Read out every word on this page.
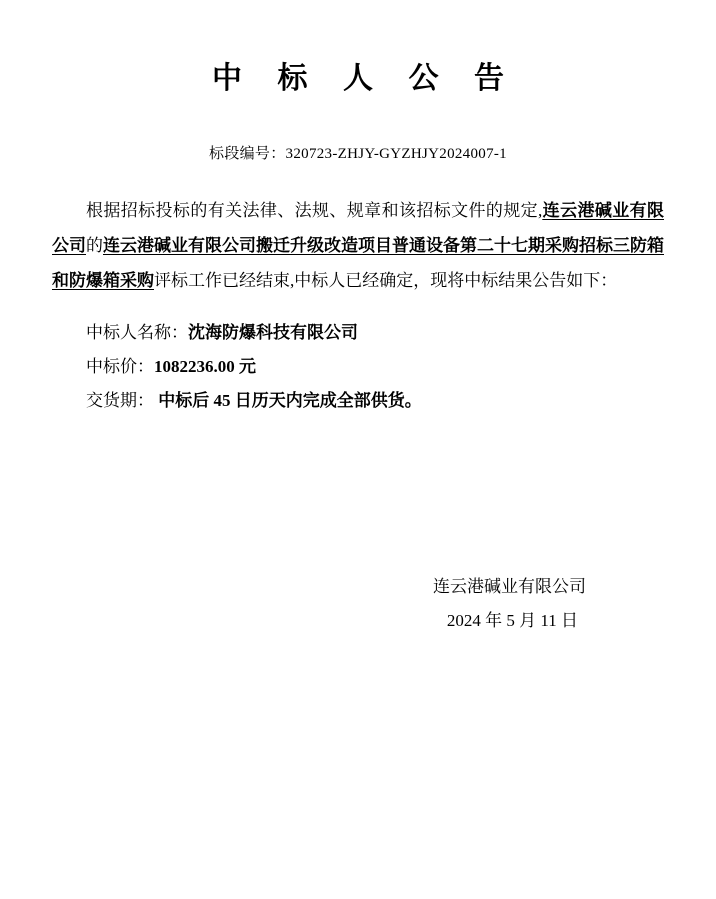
中 标 人 公 告
标段编号：320723-ZHJY-GYZHJY2024007-1
根据招标投标的有关法律、法规、规章和该招标文件的规定,连云港碱业有限公司的连云港碱业有限公司搬迁升级改造项目普通设备第二十七期采购招标三防箱和防爆箱采购评标工作已经结束,中标人已经确定，现将中标结果公告如下：
中标人名称：沈海防爆科技有限公司
中标价：1082236.00 元
交货期： 中标后 45 日历天内完成全部供货。
连云港碱业有限公司
2024 年 5 月 11 日
